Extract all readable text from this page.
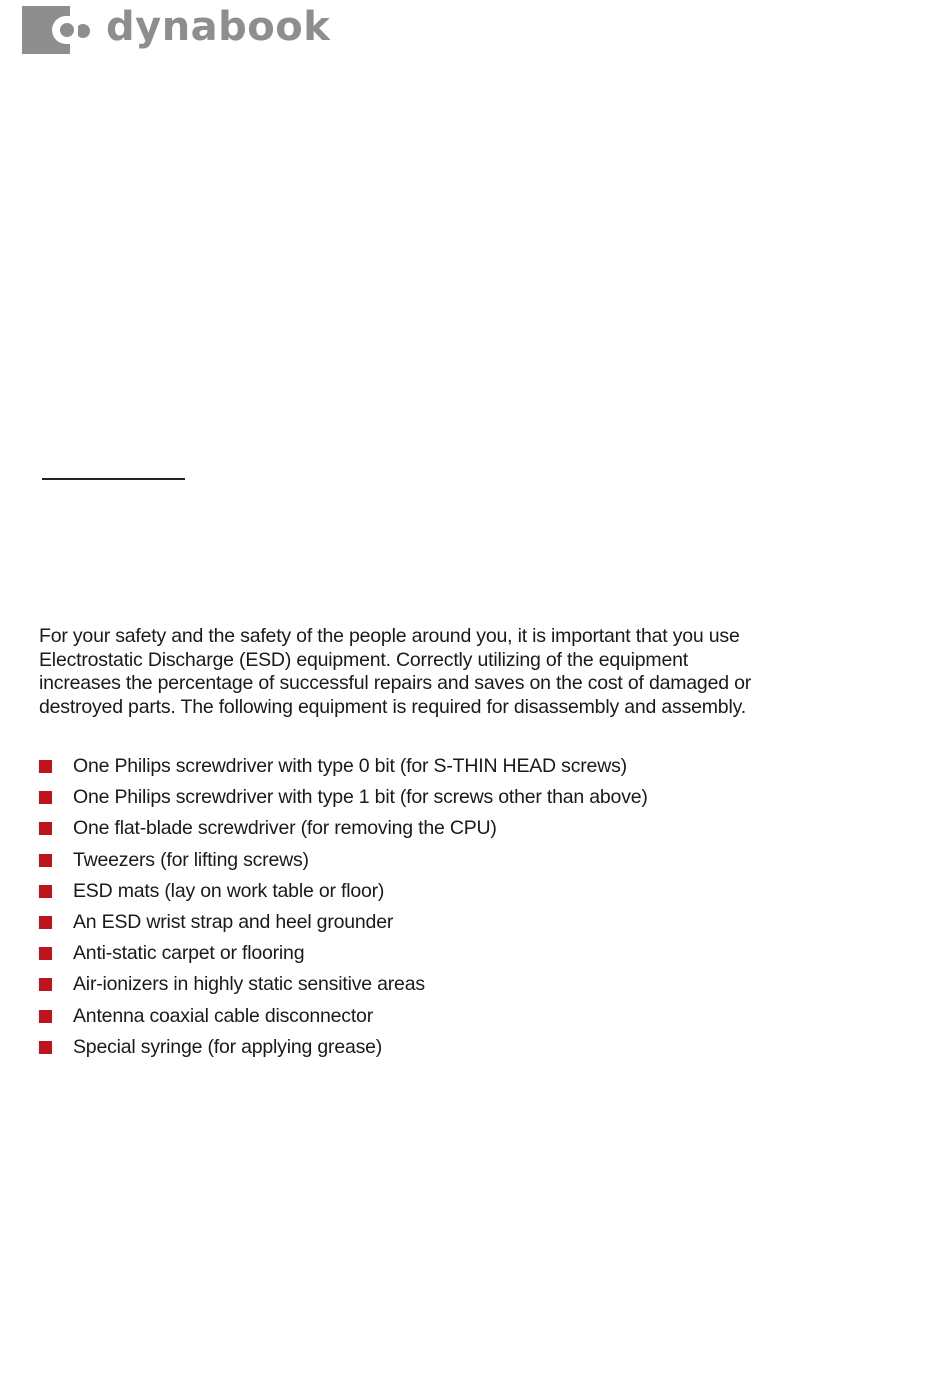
dynabook

For your safety and the safety of the people around you, it is important that you use Electrostatic Discharge (ESD) equipment. Correctly utilizing of the equipment increases the percentage of successful repairs and saves on the cost of damaged or destroyed parts. The following equipment is required for disassembly and assembly.

One Philips screwdriver with type 0 bit (for S-THIN HEAD screws)
One Philips screwdriver with type 1 bit (for screws other than above)
One flat-blade screwdriver (for removing the CPU)
Tweezers (for lifting screws)
ESD mats (lay on work table or floor)
An ESD wrist strap and heel grounder
Anti-static carpet or flooring
Air-ionizers in highly static sensitive areas
Antenna coaxial cable disconnector
Special syringe (for applying grease)
